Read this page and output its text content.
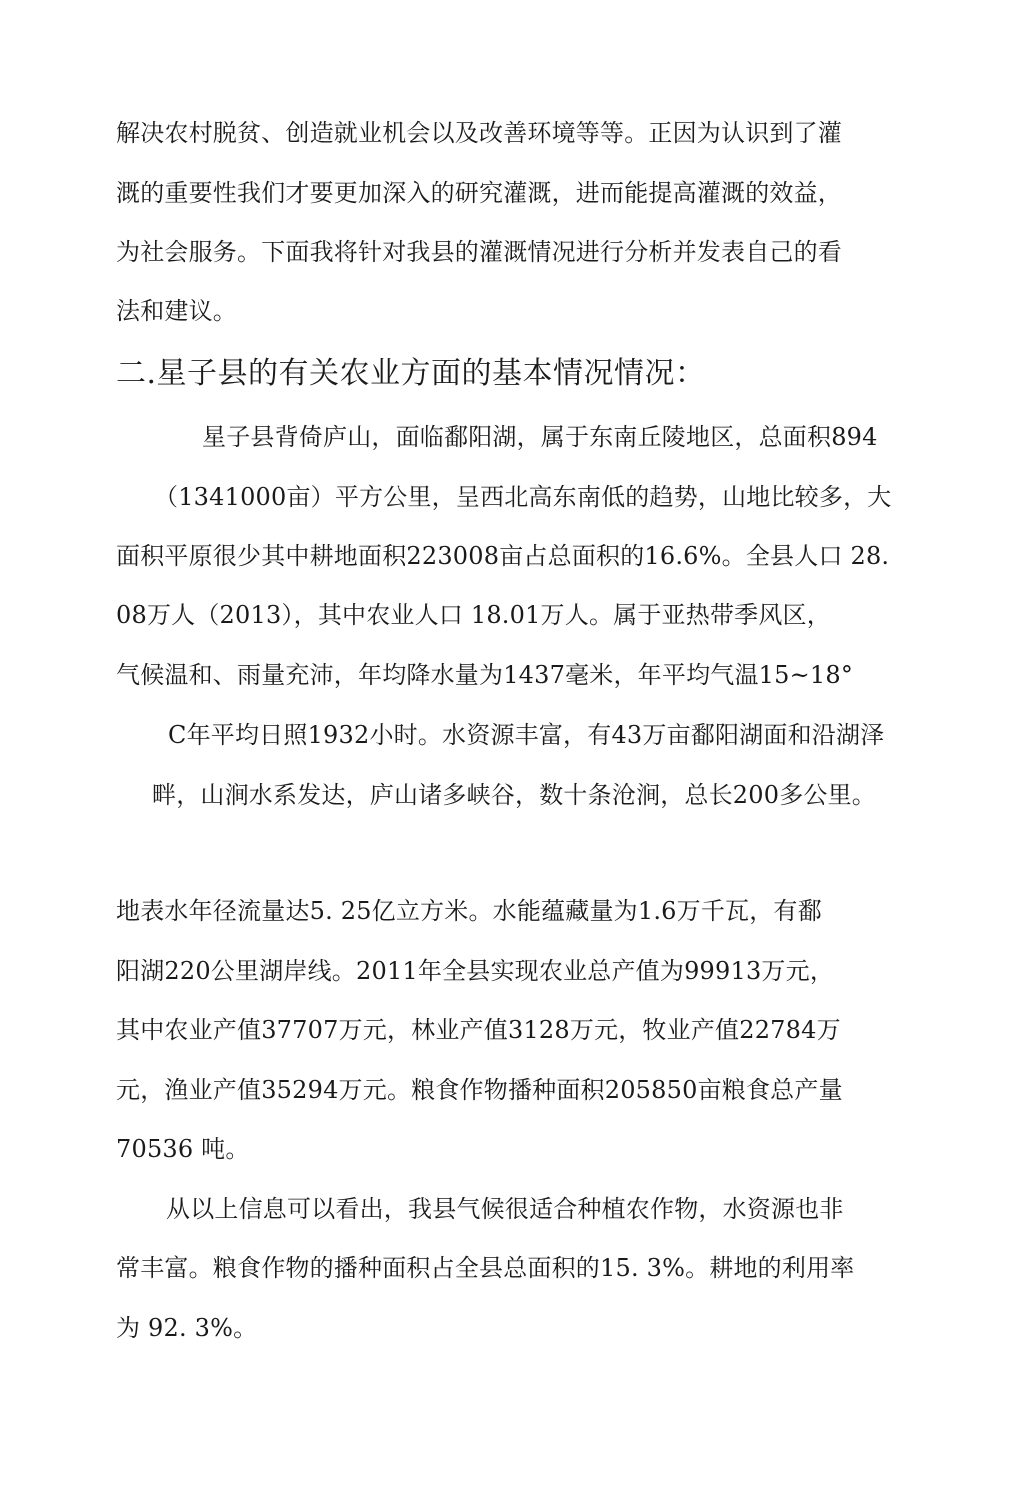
解决农村脱贫、创造就业机会以及改善环境等等。正因为认识到了灌
溉的重要性我们才要更加深入的研究灌溉，进而能提高灌溉的效益，
为社会服务。下面我将针对我县的灌溉情况进行分析并发表自己的看
法和建议。
二.星子县的有关农业方面的基本情况情况：
星子县背倚庐山，面临鄱阳湖，属于东南丘陵地区，总面积894
（1341000亩）平方公里，呈西北高东南低的趋势，山地比较多，大
面积平原很少其中耕地面积223008亩占总面积的16.6%。全县人口 28.
08万人（2013），其中农业人口 18.01万人。属于亚热带季风区，
气候温和、雨量充沛，年均降水量为1437毫米，年平均气温15~18°
C年平均日照1932小时。水资源丰富，有43万亩鄱阳湖面和沿湖泽
畔，山涧水系发达，庐山诸多峡谷，数十条沧涧，总长200多公里。
地表水年径流量达5. 25亿立方米。水能蕴藏量为1.6万千瓦，有鄱
阳湖220公里湖岸线。2011年全县实现农业总产值为99913万元，
其中农业产值37707万元，林业产值3128万元，牧业产值22784万
元，渔业产值35294万元。粮食作物播种面积205850亩粮食总产量
70536 吨。
从以上信息可以看出，我县气候很适合种植农作物，水资源也非
常丰富。粮食作物的播种面积占全县总面积的15. 3%。耕地的利用率
为 92. 3%。
